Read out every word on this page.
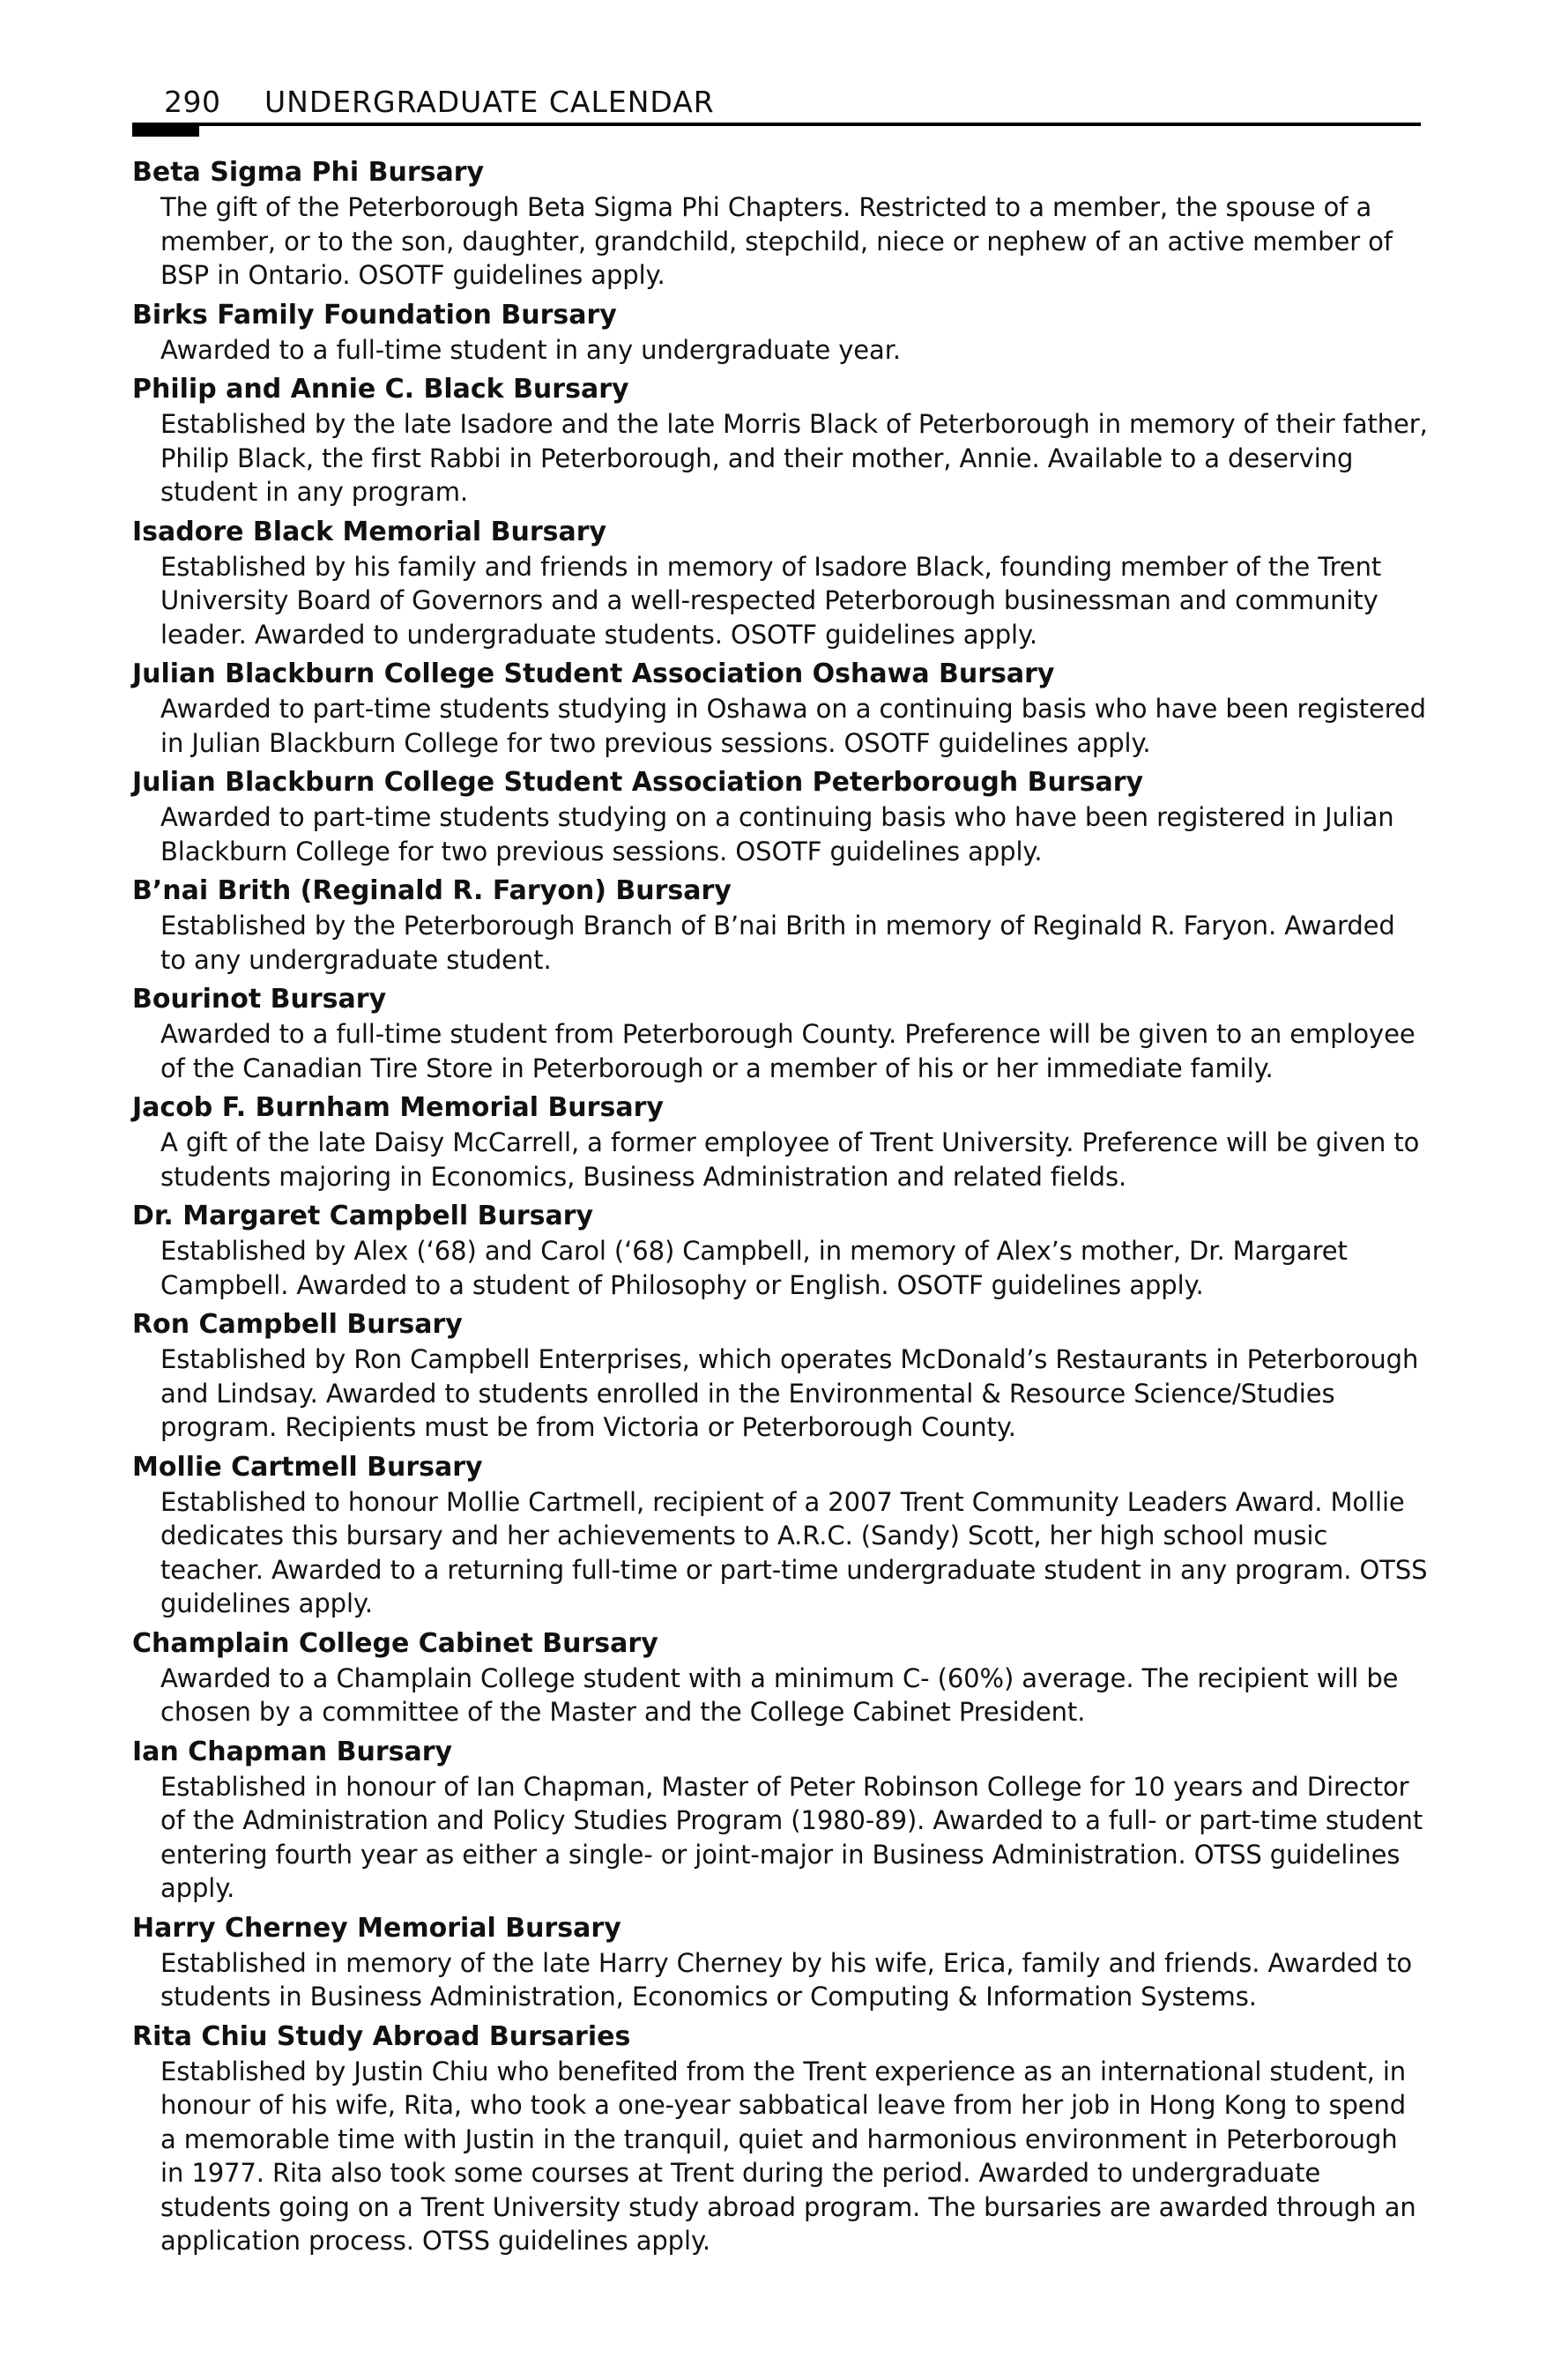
290 UNDERGRADUATE CALENDAR
Beta Sigma Phi Bursary
The gift of the Peterborough Beta Sigma Phi Chapters. Restricted to a member, the spouse of a member, or to the son, daughter, grandchild, stepchild, niece or nephew of an active member of BSP in Ontario. OSOTF guidelines apply.
Birks Family Foundation Bursary
Awarded to a full-time student in any undergraduate year.
Philip and Annie C. Black Bursary
Established by the late Isadore and the late Morris Black of Peterborough in memory of their father, Philip Black, the first Rabbi in Peterborough, and their mother, Annie. Available to a deserving student in any program.
Isadore Black Memorial Bursary
Established by his family and friends in memory of Isadore Black, founding member of the Trent University Board of Governors and a well-respected Peterborough businessman and community leader. Awarded to undergraduate students. OSOTF guidelines apply.
Julian Blackburn College Student Association Oshawa Bursary
Awarded to part-time students studying in Oshawa on a continuing basis who have been registered in Julian Blackburn College for two previous sessions. OSOTF guidelines apply.
Julian Blackburn College Student Association Peterborough Bursary
Awarded to part-time students studying on a continuing basis who have been registered in Julian Blackburn College for two previous sessions. OSOTF guidelines apply.
B’nai Brith (Reginald R. Faryon) Bursary
Established by the Peterborough Branch of B’nai Brith in memory of Reginald R. Faryon. Awarded to any undergraduate student.
Bourinot Bursary
Awarded to a full-time student from Peterborough County. Preference will be given to an employee of the Canadian Tire Store in Peterborough or a member of his or her immediate family.
Jacob F. Burnham Memorial Bursary
A gift of the late Daisy McCarrell, a former employee of Trent University. Preference will be given to students majoring in Economics, Business Administration and related fields.
Dr. Margaret Campbell Bursary
Established by Alex (‘68) and Carol (‘68) Campbell, in memory of Alex’s mother, Dr. Margaret Campbell. Awarded to a student of Philosophy or English. OSOTF guidelines apply.
Ron Campbell Bursary
Established by Ron Campbell Enterprises, which operates McDonald’s Restaurants in Peterborough and Lindsay. Awarded to students enrolled in the Environmental & Resource Science/Studies program. Recipients must be from Victoria or Peterborough County.
Mollie Cartmell Bursary
Established to honour Mollie Cartmell, recipient of a 2007 Trent Community Leaders Award. Mollie dedicates this bursary and her achievements to A.R.C. (Sandy) Scott, her high school music teacher. Awarded to a returning full-time or part-time undergraduate student in any program. OTSS guidelines apply.
Champlain College Cabinet Bursary
Awarded to a Champlain College student with a minimum C- (60%) average. The recipient will be chosen by a committee of the Master and the College Cabinet President.
Ian Chapman Bursary
Established in honour of Ian Chapman, Master of Peter Robinson College for 10 years and Director of the Administration and Policy Studies Program (1980-89). Awarded to a full- or part-time student entering fourth year as either a single- or joint-major in Business Administration. OTSS guidelines apply.
Harry Cherney Memorial Bursary
Established in memory of the late Harry Cherney by his wife, Erica, family and friends. Awarded to students in Business Administration, Economics or Computing & Information Systems.
Rita Chiu Study Abroad Bursaries
Established by Justin Chiu who benefited from the Trent experience as an international student, in honour of his wife, Rita, who took a one-year sabbatical leave from her job in Hong Kong to spend a memorable time with Justin in the tranquil, quiet and harmonious environment in Peterborough in 1977. Rita also took some courses at Trent during the period. Awarded to undergraduate students going on a Trent University study abroad program. The bursaries are awarded through an application process. OTSS guidelines apply.
